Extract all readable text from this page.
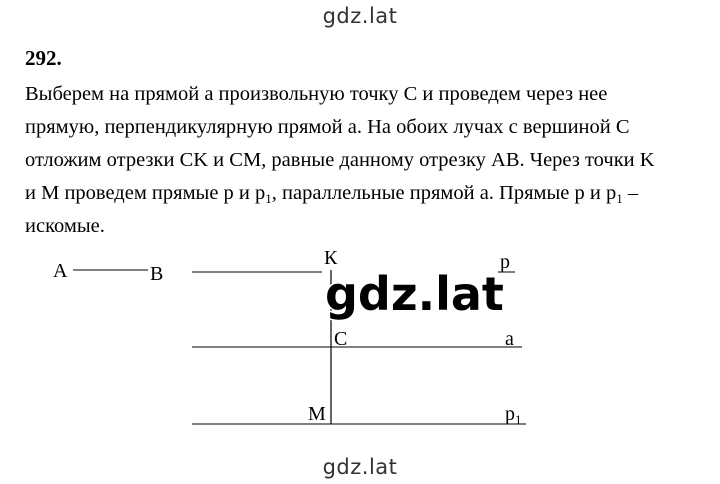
gdz.lat
292.
Выберем на прямой a произвольную точку C и проведем через нее
прямую, перпендикулярную прямой a. На обоих лучах с вершиной C
отложим отрезки CK и CM, равные данному отрезку AB. Через точки K
и M проведем прямые p и $p_1$, параллельные прямой a. Прямые p и $p_1$ –
искомые.
A	B
К	p
C	a
M	$p_1$
gdz.lat
gdz.lat
